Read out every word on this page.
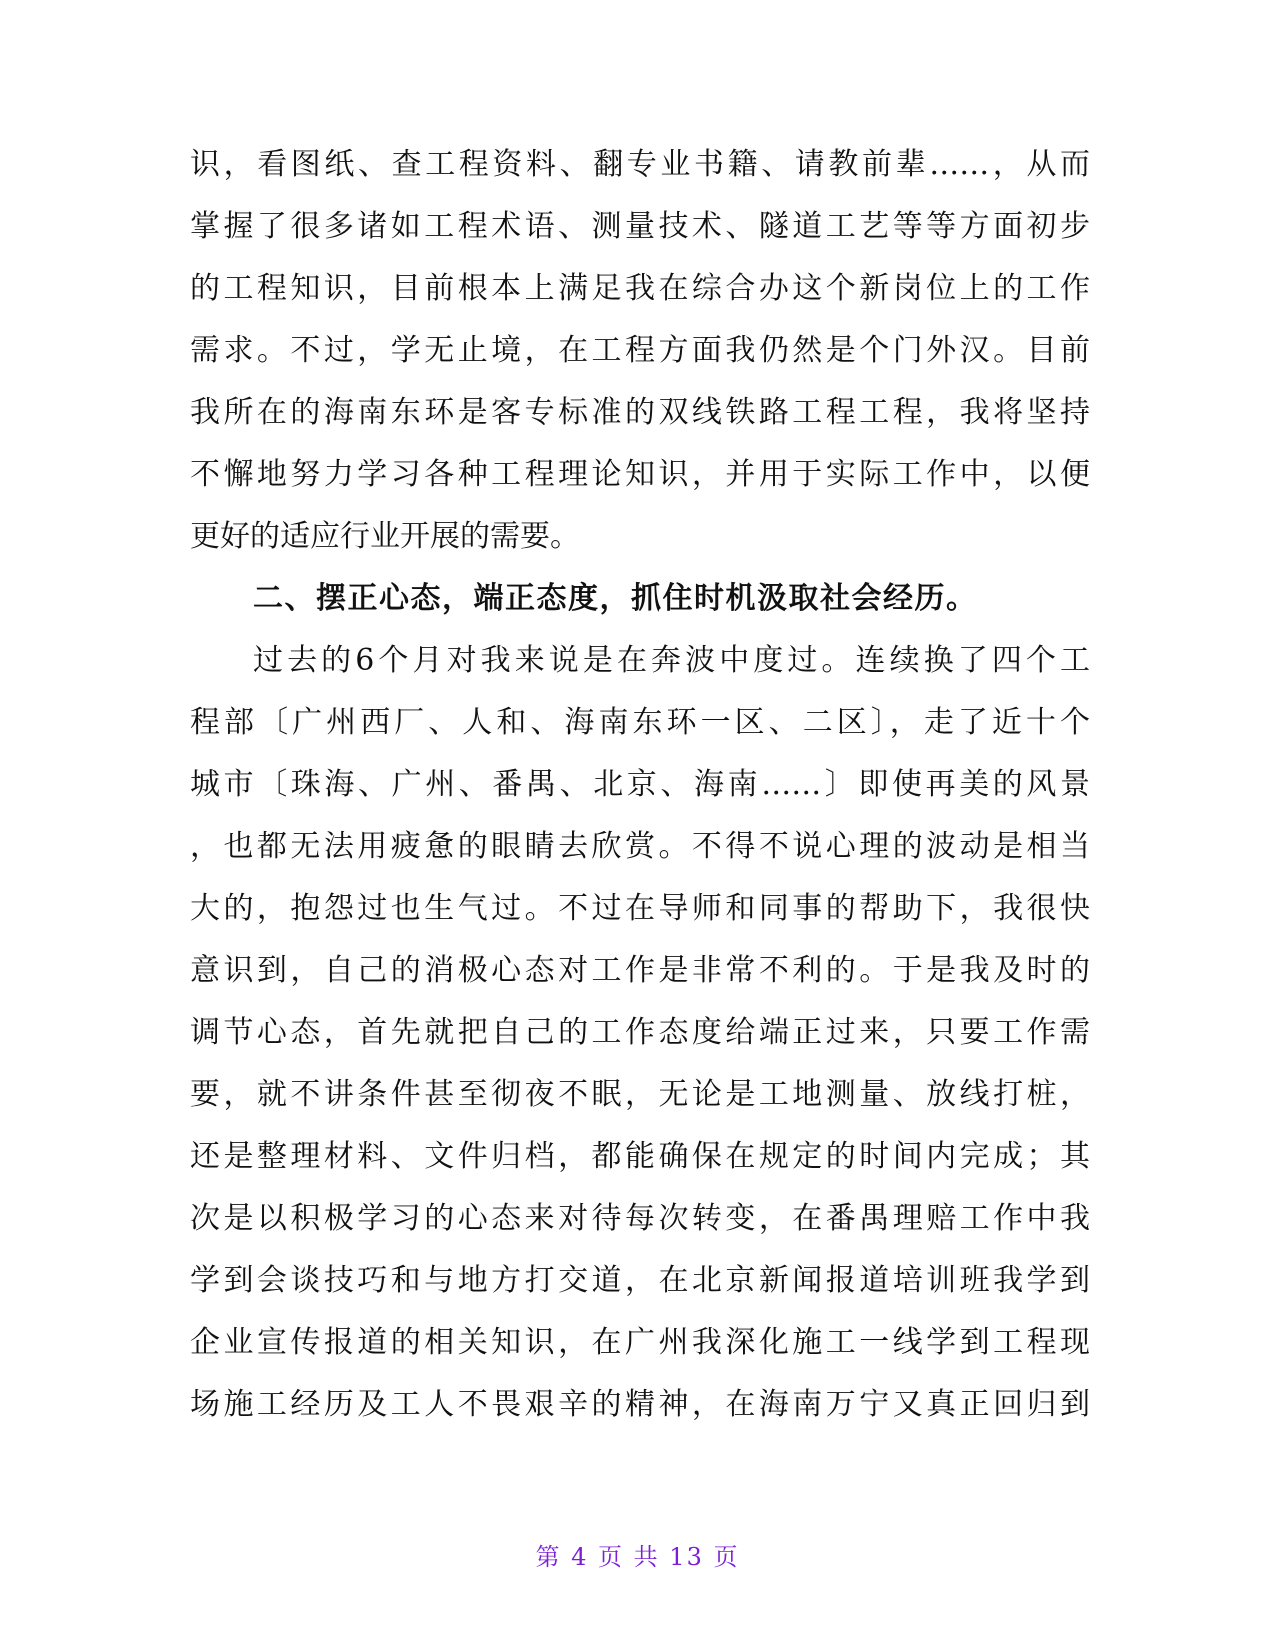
识，看图纸、查工程资料、翻专业书籍、请教前辈……，从而
掌握了很多诸如工程术语、测量技术、隧道工艺等等方面初步
的工程知识，目前根本上满足我在综合办这个新岗位上的工作
需求。不过，学无止境，在工程方面我仍然是个门外汉。目前
我所在的海南东环是客专标准的双线铁路工程工程，我将坚持
不懈地努力学习各种工程理论知识，并用于实际工作中，以便
更好的适应行业开展的需要。
二、摆正心态，端正态度，抓住时机汲取社会经历。
过去的6个月对我来说是在奔波中度过。连续换了四个工
程部〔广州西厂、人和、海南东环一区、二区〕，走了近十个
城市〔珠海、广州、番禺、北京、海南……〕即使再美的风景
，也都无法用疲惫的眼睛去欣赏。不得不说心理的波动是相当
大的，抱怨过也生气过。不过在导师和同事的帮助下，我很快
意识到，自己的消极心态对工作是非常不利的。于是我及时的
调节心态，首先就把自己的工作态度给端正过来，只要工作需
要，就不讲条件甚至彻夜不眠，无论是工地测量、放线打桩，
还是整理材料、文件归档，都能确保在规定的时间内完成；其
次是以积极学习的心态来对待每次转变，在番禺理赔工作中我
学到会谈技巧和与地方打交道，在北京新闻报道培训班我学到
企业宣传报道的相关知识，在广州我深化施工一线学到工程现
场施工经历及工人不畏艰辛的精神，在海南万宁又真正回归到
第 4 页 共 13 页
